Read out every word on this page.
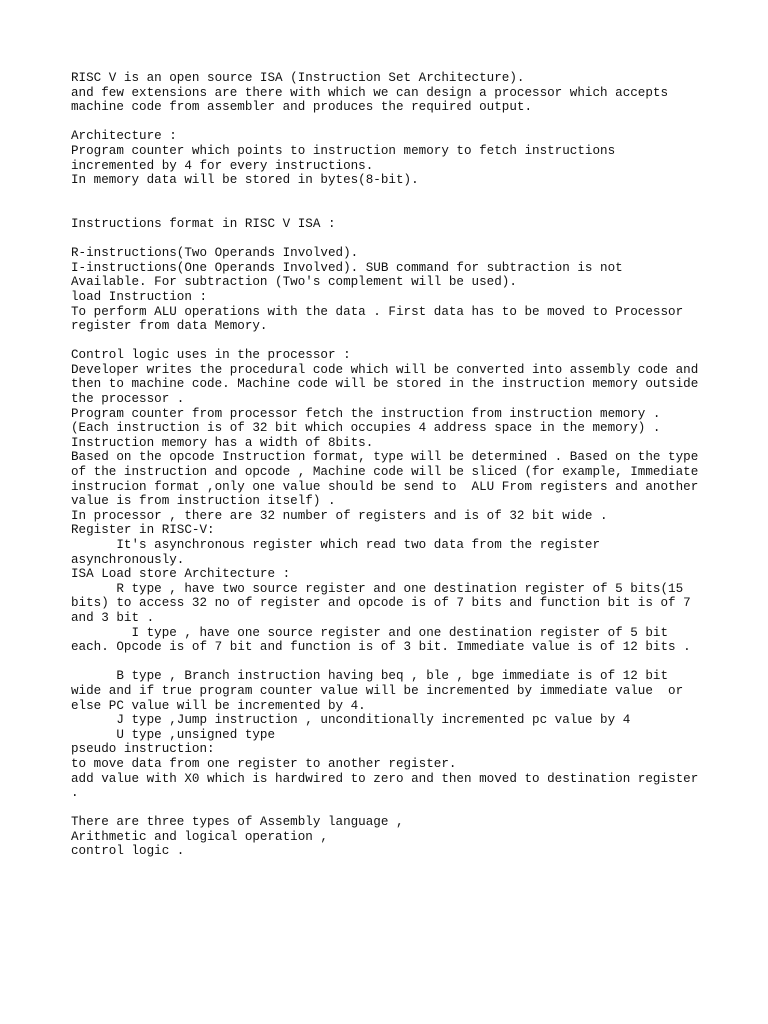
RISC V is an open source ISA (Instruction Set Architecture).

and few extensions are there with which we can design a processor which accepts

machine code from assembler and produces the required output.

Architecture :

Program counter which points to instruction memory to fetch instructions

incremented by 4 for every instructions.

In memory data will be stored in bytes(8-bit).

Instructions format in RISC V ISA :

R-instructions(Two Operands Involved).

I-instructions(One Operands Involved). SUB command for subtraction is not

Available. For subtraction (Two's complement will be used).

load Instruction :

To perform ALU operations with the data . First data has to be moved to Processor

register from data Memory.

Control logic uses in the processor :

Developer writes the procedural code which will be converted into assembly code and

then to machine code. Machine code will be stored in the instruction memory outside

the processor .

Program counter from processor fetch the instruction from instruction memory .

(Each instruction is of 32 bit which occupies 4 address space in the memory) .

Instruction memory has a width of 8bits.

Based on the opcode Instruction format, type will be determined . Based on the type

of the instruction and opcode , Machine code will be sliced (for example, Immediate

instrucion format ,only one value should be send to  ALU From registers and another

value is from instruction itself) .

In processor , there are 32 number of registers and is of 32 bit wide .

Register in RISC-V:

It's asynchronous register which read two data from the register

asynchronously.

ISA Load store Architecture :

R type , have two source register and one destination register of 5 bits(15

bits) to access 32 no of register and opcode is of 7 bits and function bit is of 7

and 3 bit .

I type , have one source register and one destination register of 5 bit

each. Opcode is of 7 bit and function is of 3 bit. Immediate value is of 12 bits .

B type , Branch instruction having beq , ble , bge immediate is of 12 bit

wide and if true program counter value will be incremented by immediate value  or

else PC value will be incremented by 4.

J type ,Jump instruction , unconditionally incremented pc value by 4

U type ,unsigned type

pseudo instruction:

to move data from one register to another register.

add value with X0 which is hardwired to zero and then moved to destination register

.

There are three types of Assembly language ,

Arithmetic and logical operation ,

control logic .
